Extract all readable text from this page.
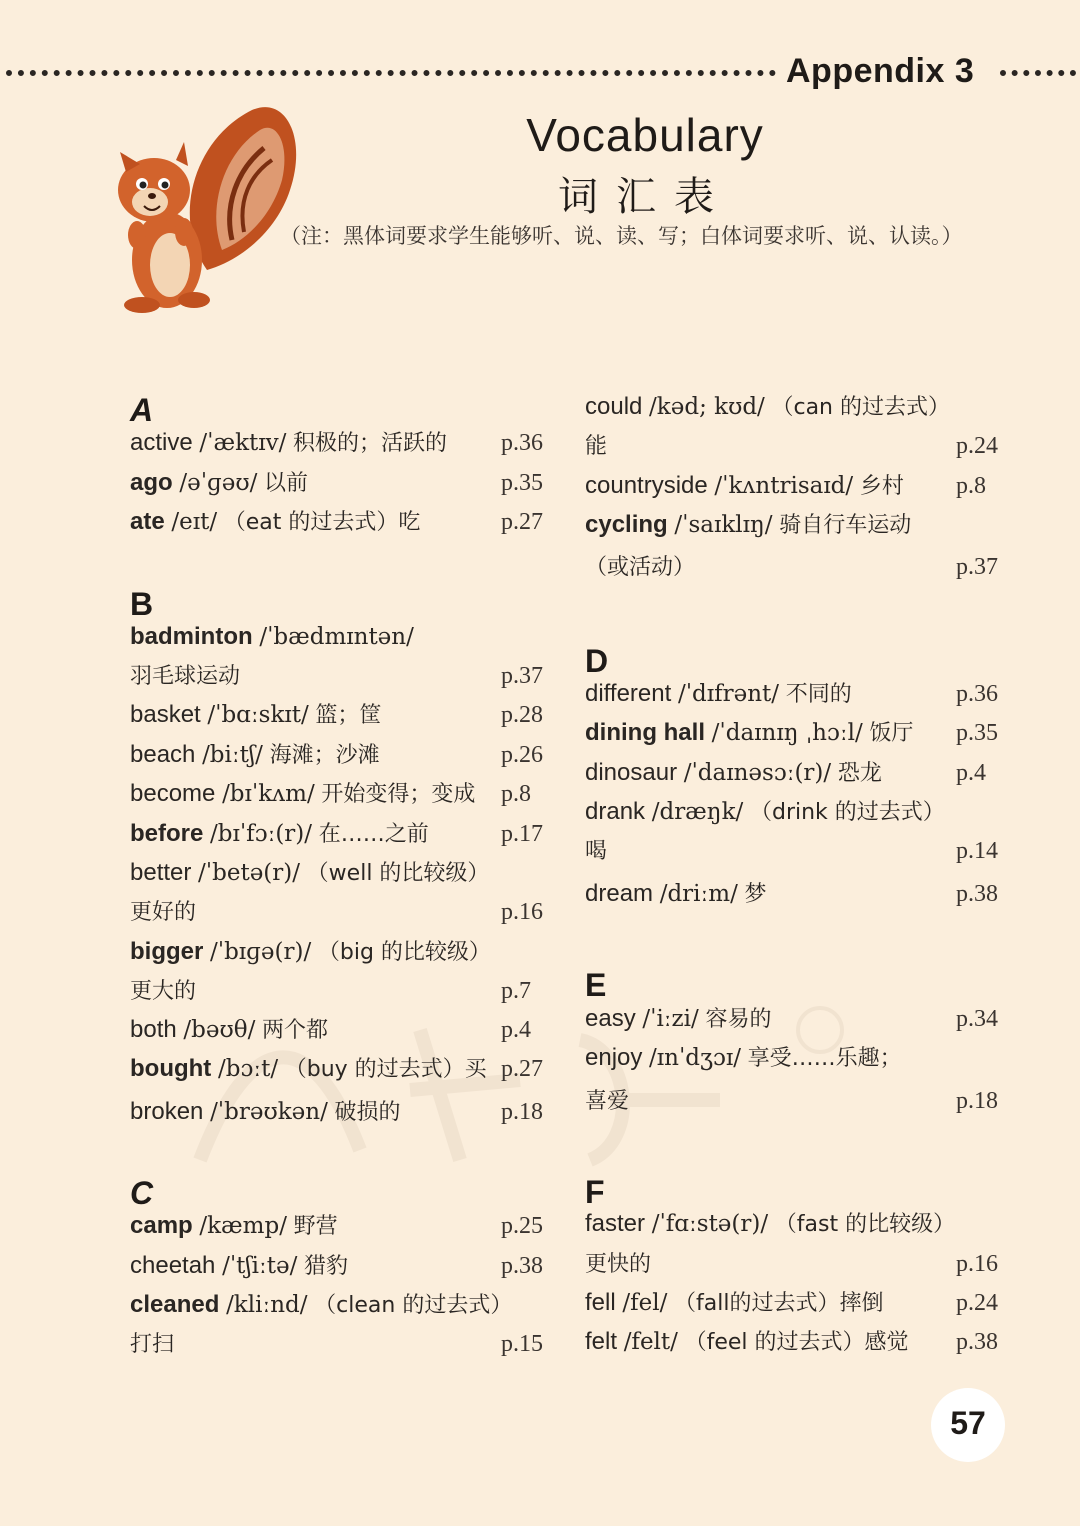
Appendix 3
Vocabulary
词汇表
（注：黑体词要求学生能够听、说、读、写；白体词要求听、说、认读。）
A
active /ˈæktɪv/ 积极的；活跃的 p.36
ago /əˈɡəʊ/ 以前	p.35
ate /eɪt/ （eat 的过去式）吃	p.27
B
badminton /ˈbædmɪntən/
羽毛球运动	p.37
basket /ˈbɑːskɪt/ 篮；筐	p.28
beach /biːtʃ/ 海滩；沙滩	p.26
become /bɪˈkʌm/ 开始变得；变成 p.8
before /bɪˈfɔː(r)/ 在……之前	p.17
better /ˈbetə(r)/ （well 的比较级）
更好的	p.16
bigger /ˈbɪɡə(r)/ （big 的比较级）
更大的	p.7
both /bəʊθ/ 两个都	p.4
bought /bɔːt/ （buy 的过去式）买 p.27
broken /ˈbrəʊkən/ 破损的	p.18
C
camp /kæmp/ 野营	p.25
cheetah /ˈtʃiːtə/ 猎豹	p.38
cleaned /kliːnd/ （clean 的过去式）
打扫	p.15
could /kəd; kʊd/ （can 的过去式）
能	p.24
countryside /ˈkʌntrisaɪd/ 乡村 p.8
cycling /ˈsaɪklɪŋ/ 骑自行车运动
（或活动）	p.37
D
different /ˈdɪfrənt/ 不同的	p.36
dining hall /ˈdaɪnɪŋ ˌhɔːl/ 饭厅 p.35
dinosaur /ˈdaɪnəsɔː(r)/ 恐龙	p.4
drank /dræŋk/ （drink 的过去式）
喝	p.14
dream /driːm/ 梦	p.38
E
easy /ˈiːzi/ 容易的	p.34
enjoy /ɪnˈdʒɔɪ/ 享受……乐趣；
喜爱	p.18
F
faster /ˈfɑːstə(r)/ （fast 的比较级）
更快的	p.16
fell /fel/ （fall的过去式）摔倒	p.24
felt /felt/ （feel 的过去式）感觉 p.38
57
